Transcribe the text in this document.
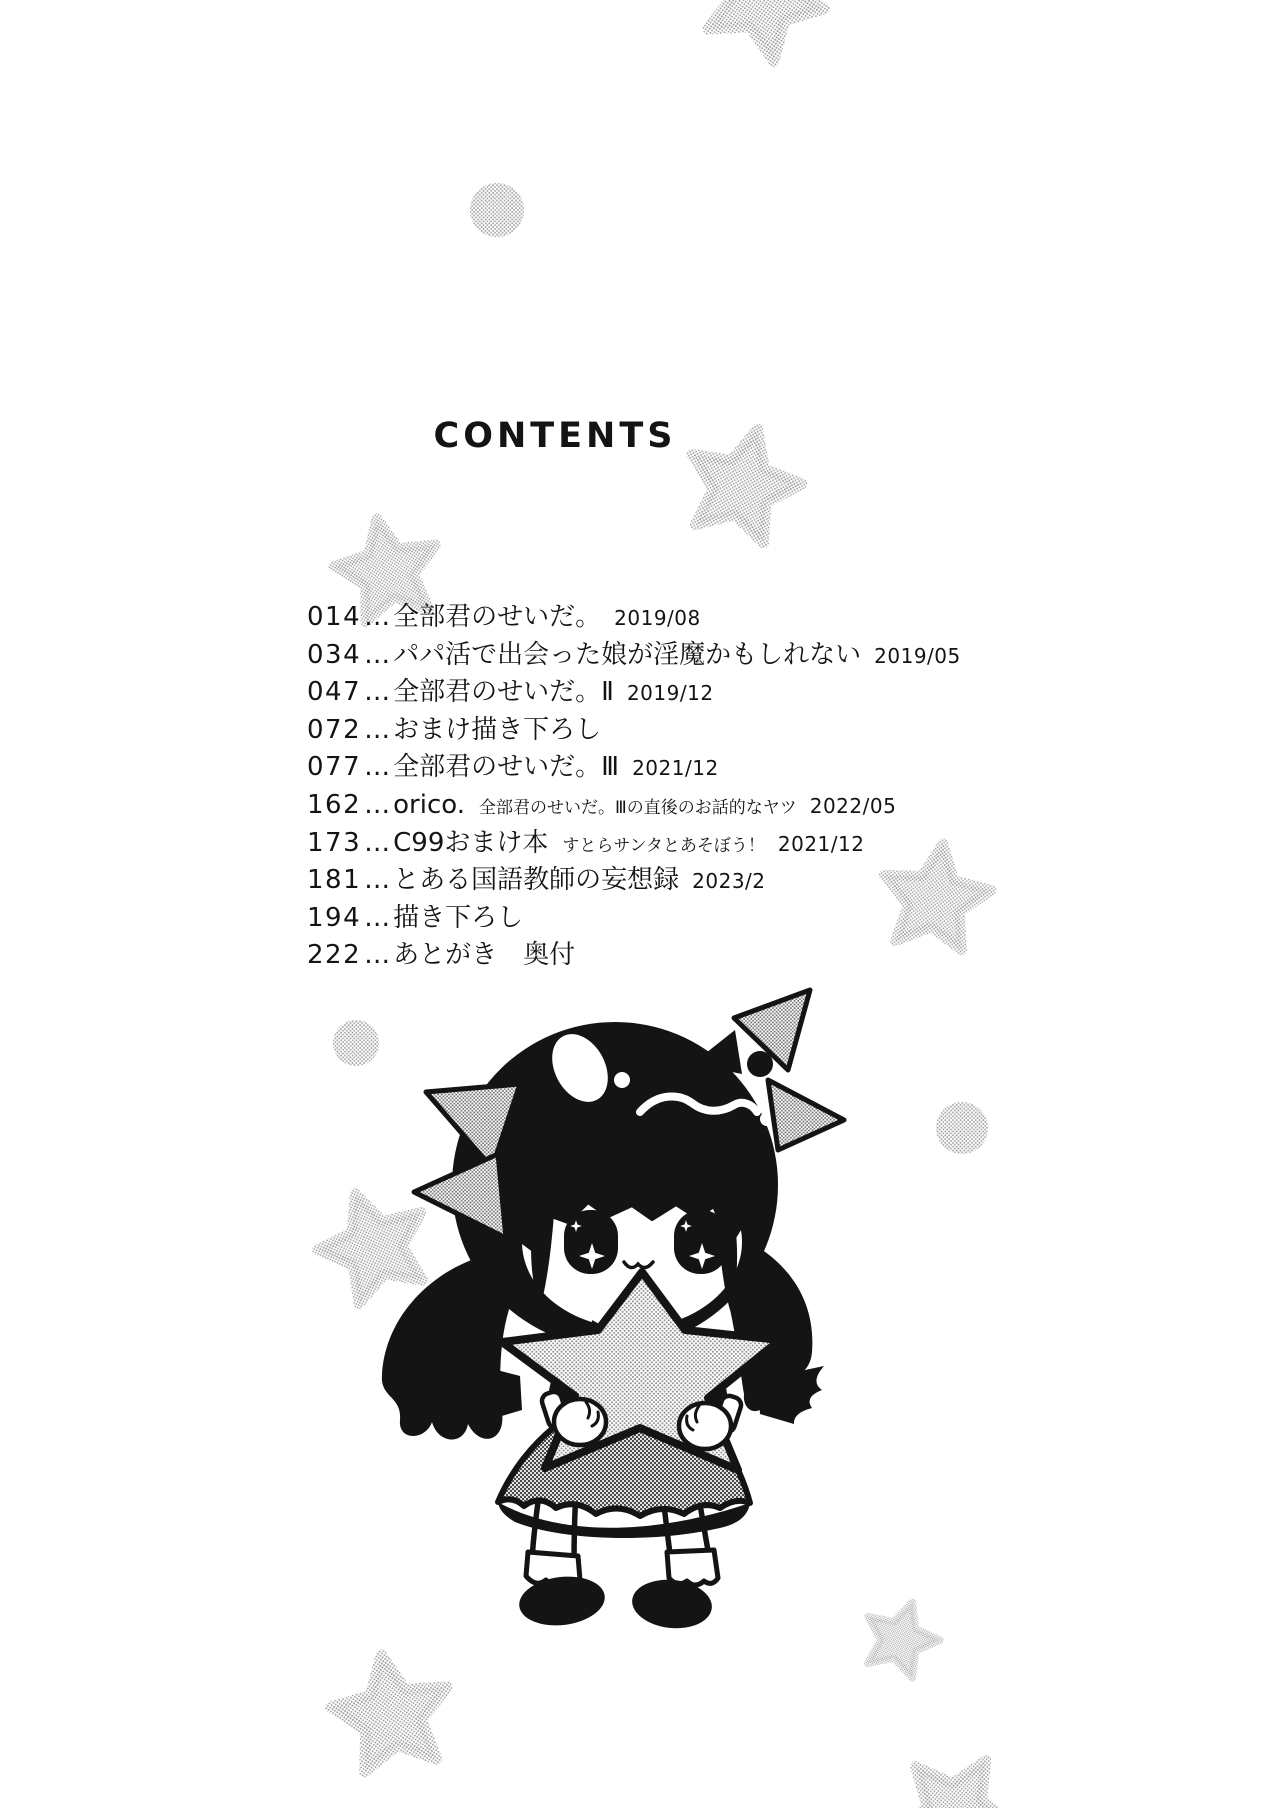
CONTENTS
014 … 全部君のせいだ。 2019/08
034 … パパ活で出会った娘が淫魔かもしれない 2019/05
047 … 全部君のせいだ。Ⅱ 2019/12
072 … おまけ描き下ろし
077 … 全部君のせいだ。Ⅲ 2021/12
162 … orico. 全部君のせいだ。Ⅲの直後のお話的なヤツ 2022/05
173 … C99おまけ本 すとらサンタとあそぼう！ 2021/12
181 … とある国語教師の妄想録 2023/2
194 … 描き下ろし
222 … あとがき　奥付
